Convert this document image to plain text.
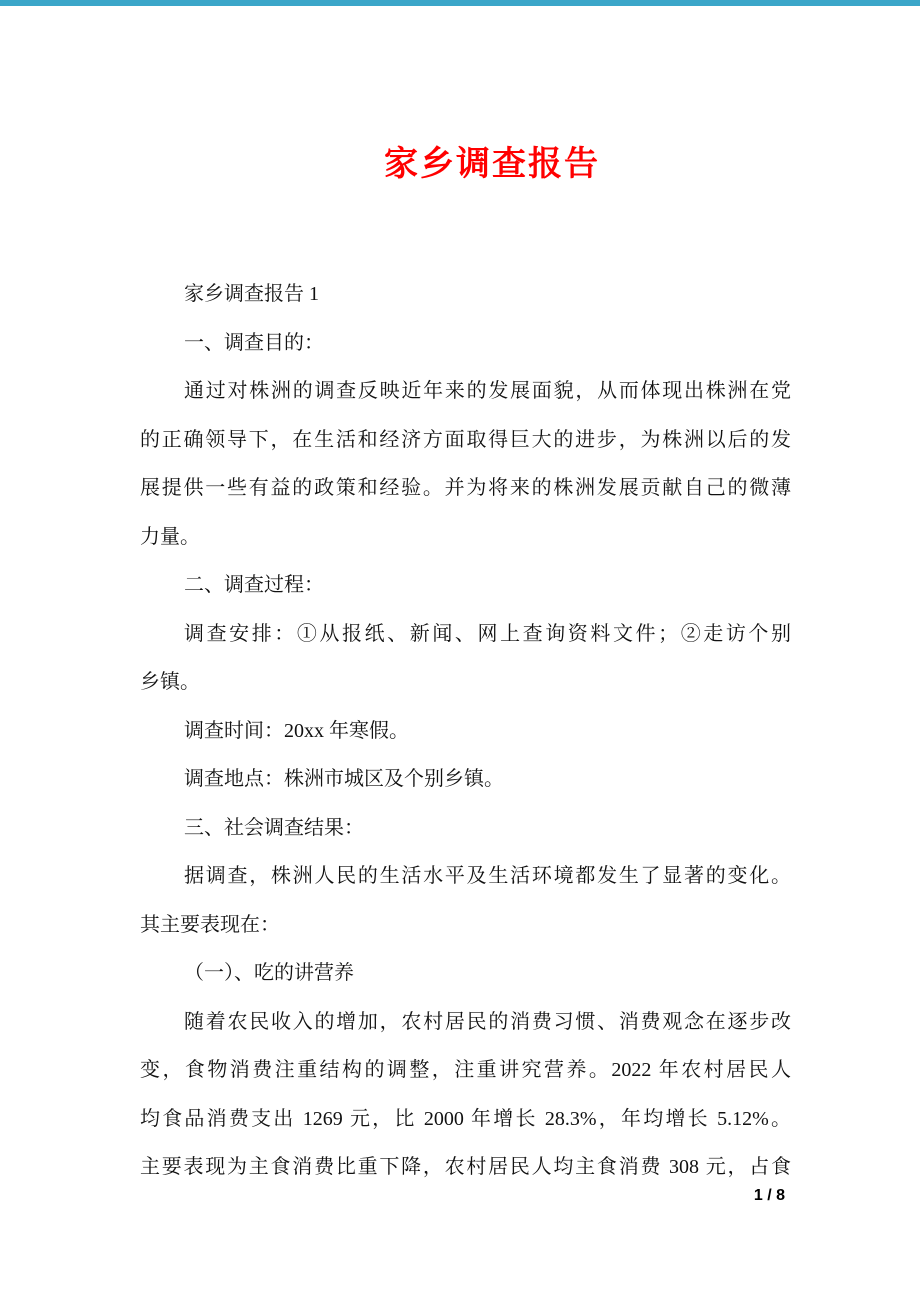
家乡调查报告
家乡调查报告 1
一、调查目的：
通过对株洲的调查反映近年来的发展面貌，从而体现出株洲在党
的正确领导下，在生活和经济方面取得巨大的进步，为株洲以后的发
展提供一些有益的政策和经验。并为将来的株洲发展贡献自己的微薄
力量。
二、调查过程：
调查安排：①从报纸、新闻、网上查询资料文件；②走访个别
乡镇。
调查时间：20xx 年寒假。
调查地点：株洲市城区及个别乡镇。
三、社会调查结果：
据调查，株洲人民的生活水平及生活环境都发生了显著的变化。
其主要表现在：
（一）、吃的讲营养
随着农民收入的增加，农村居民的消费习惯、消费观念在逐步改
变，食物消费注重结构的调整，注重讲究营养。2022 年农村居民人
均食品消费支出 1269 元，比 2000 年增长 28.3%，年均增长 5.12%。
主要表现为主食消费比重下降，农村居民人均主食消费 308 元，占食
1 / 8
